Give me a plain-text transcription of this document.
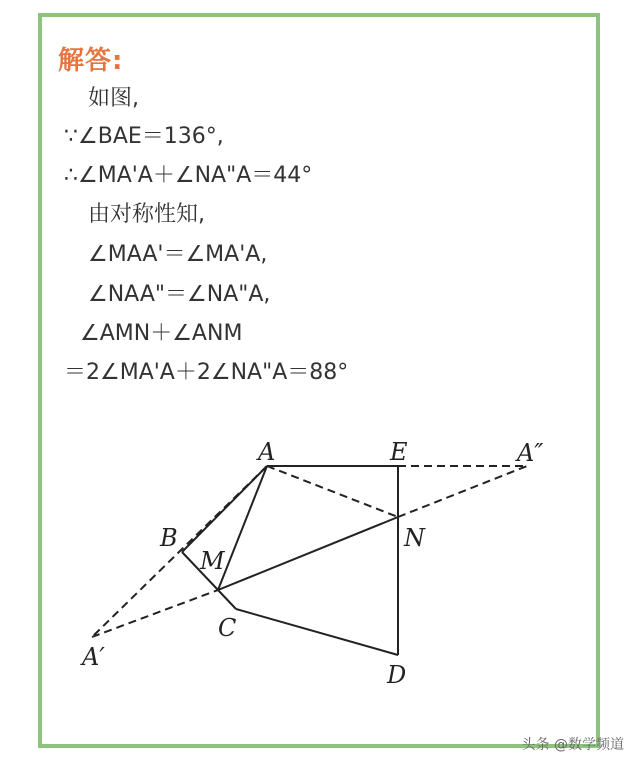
解答:
如图,
∵∠BAE＝136°,
∴∠MA'A＋∠NA"A＝44°
由对称性知,
∠MAA'＝∠MA'A,
∠NAA"＝∠NA"A,
∠AMN＋∠ANM
＝2∠MA'A＋2∠NA"A＝88°
A	E	A″
B
M
N
C
A′
D
头条 @数学频道
